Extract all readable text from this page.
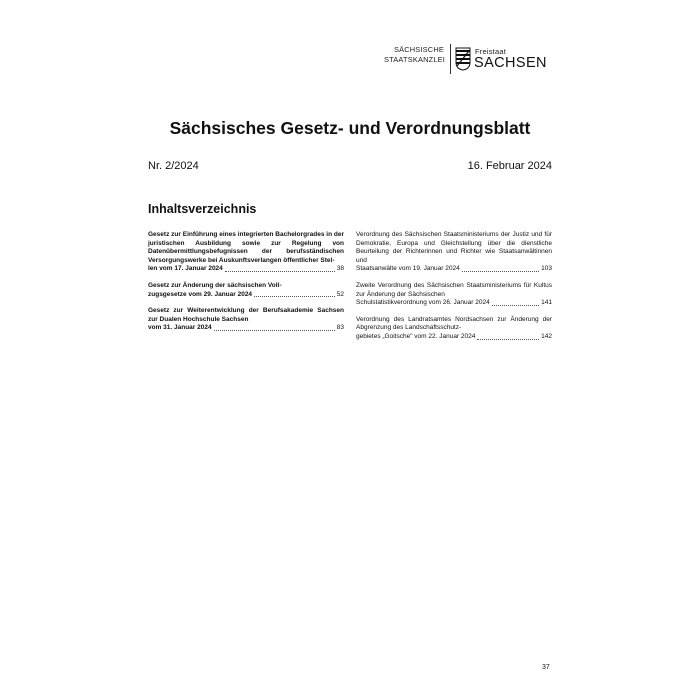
SÄCHSISCHE
STAATSKANZLEI
Freistaat
SACHSEN
Sächsisches Gesetz- und Verordnungsblatt
Nr. 2/2024	16. Februar 2024
Inhaltsverzeichnis
Gesetz zur Einführung eines integrierten Bachelorgrades in der juristischen Ausbildung sowie zur Regelung von Datenübermittlungsbefugnissen der berufsständischen Versorgungswerke bei Auskunftsverlangen öffentlicher Stel-
len vom 17. Januar 2024	38
Gesetz zur Änderung der sächsischen Voll-
zugsgesetze vom 29. Januar 2024	52
Gesetz zur Weiterentwicklung der Berufsakademie Sachsen zur Dualen Hochschule Sachsen
vom 31. Januar 2024	83
Verordnung des Sächsischen Staatsministeriums der Justiz und für Demokratie, Europa und Gleichstellung über die dienstliche Beurteilung der Richterinnen und Richter wie Staatsanwältinnen und
Staatsanwälte vom 19. Januar 2024	103
Zweite Verordnung des Sächsischen Staatsministeriums für Kultus zur Änderung der Sächsischen
Schulstatistikverordnung vom 26. Januar 2024	141
Verordnung des Landratsamtes Nordsachsen zur Änderung der Abgrenzung des Landschaftsschutz-
gebietes „Goitsche" vom 22. Januar 2024	142
37
